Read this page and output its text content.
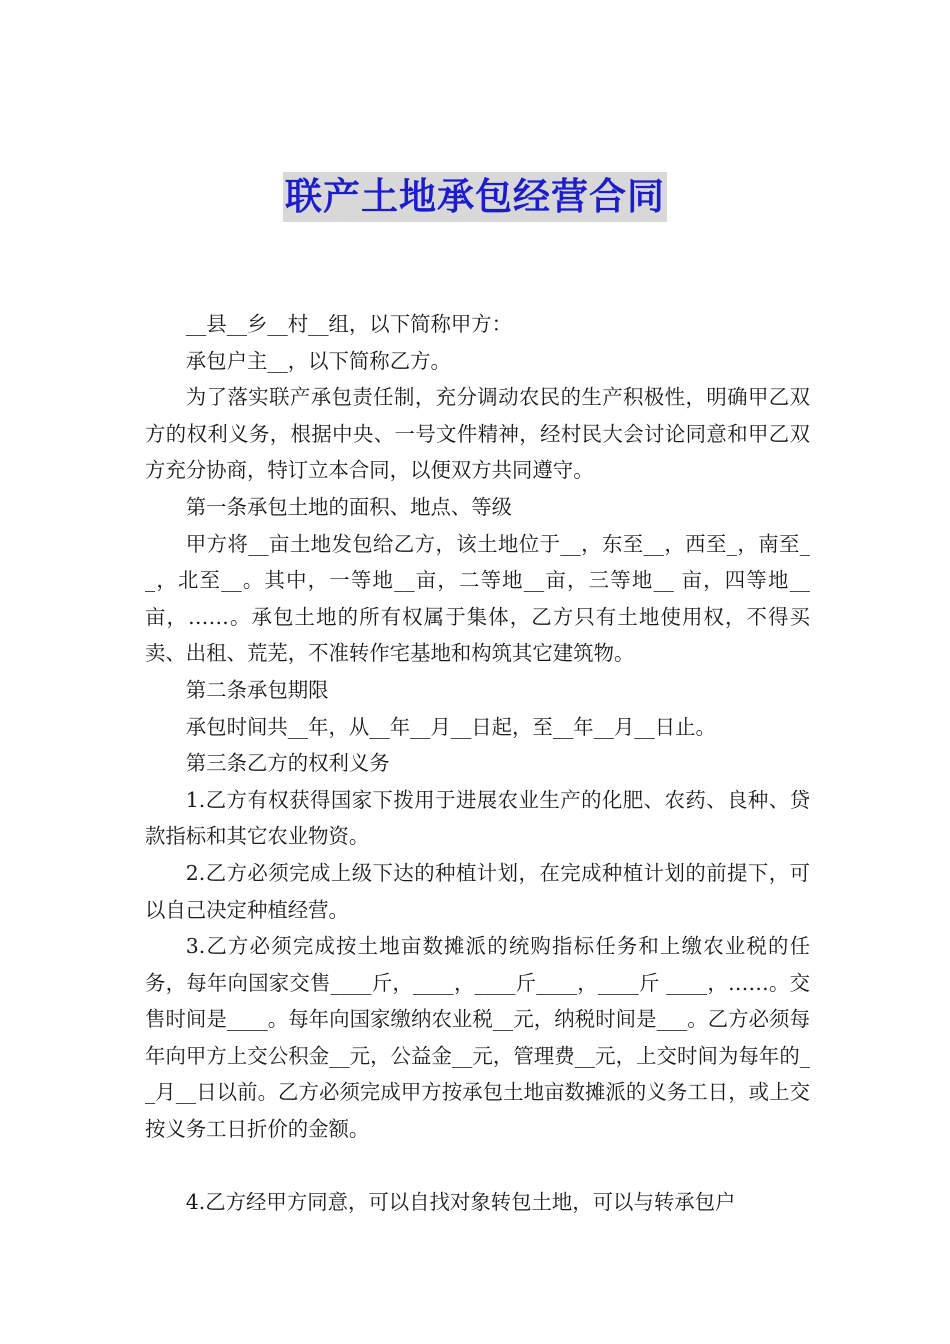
联产土地承包经营合同

__县__乡__村__组，以下简称甲方：

承包户主__，以下简称乙方。

为了落实联产承包责任制，充分调动农民的生产积极性，明确甲乙双方的权利义务，根据中央、一号文件精神，经村民大会讨论同意和甲乙双方充分协商，特订立本合同，以便双方共同遵守。

第一条承包土地的面积、地点、等级

甲方将__亩土地发包给乙方，该土地位于__，东至__，西至_，南至__，北至__。其中，一等地__亩，二等地__亩，三等地__ 亩，四等地__亩，……。承包土地的所有权属于集体，乙方只有土地使用权，不得买卖、出租、荒芜，不准转作宅基地和构筑其它建筑物。

第二条承包期限

承包时间共__年，从__年__月__日起，至__年__月__日止。

第三条乙方的权利义务

1.乙方有权获得国家下拨用于进展农业生产的化肥、农药、良种、贷款指标和其它农业物资。

2.乙方必须完成上级下达的种植计划，在完成种植计划的前提下，可以自己决定种植经营。

3.乙方必须完成按土地亩数摊派的统购指标任务和上缴农业税的任务，每年向国家交售____斤，____，____斤____，____斤 ____，……。交售时间是____。每年向国家缴纳农业税__元，纳税时间是___。乙方必须每年向甲方上交公积金__元，公益金__元，管理费__元，上交时间为每年的__月__日以前。乙方必须完成甲方按承包土地亩数摊派的义务工日，或上交按义务工日折价的金额。

4.乙方经甲方同意，可以自找对象转包土地，可以与转承包户
